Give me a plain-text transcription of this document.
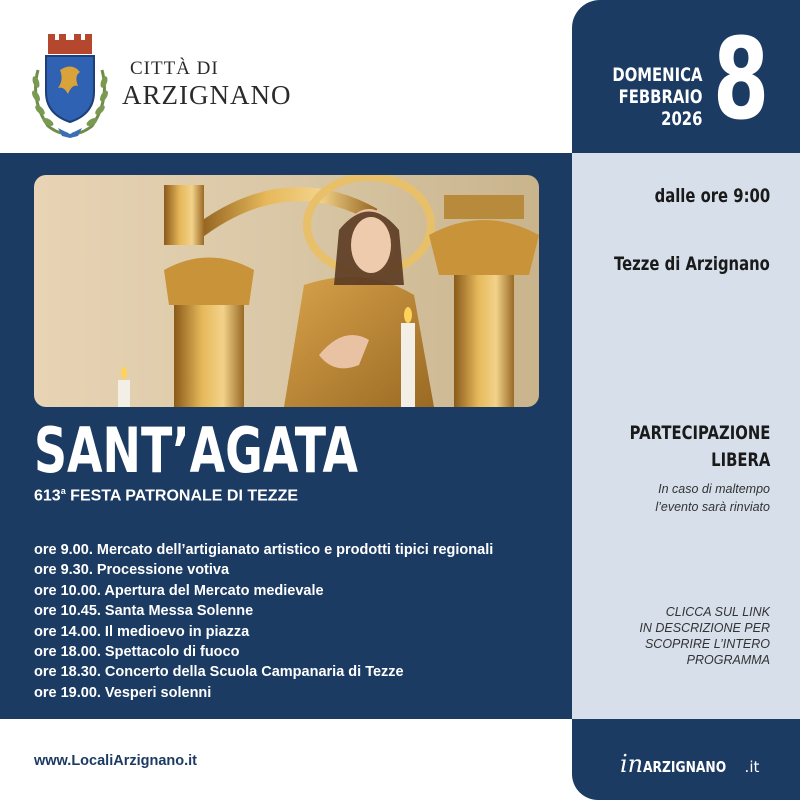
CITTÀ DI
ARZIGNANO
DOMENICA
FEBBRAIO
2026 8
SANT’AGATA
613$^a$ FESTA PATRONALE DI TEZZE
ore 9.00. Mercato dell’artigianato artistico e prodotti tipici regionali
ore 9.30. Processione votiva
ore 10.00. Apertura del Mercato medievale
ore 10.45. Santa Messa Solenne
ore 14.00. Il medioevo in piazza
ore 18.00. Spettacolo di fuoco
ore 18.30. Concerto della Scuola Campanaria di Tezze
ore 19.00. Vesperi solenni
dalle ore 9:00
Tezze di Arzignano
PARTECIPAZIONE
LIBERA
In caso di maltempo
l’evento sarà rinviato
CLICCA SUL LINK
IN DESCRIZIONE PER
SCOPRIRE L’INTERO
PROGRAMMA
www.LocaliArzignano.it	inARZIGNANO .it
